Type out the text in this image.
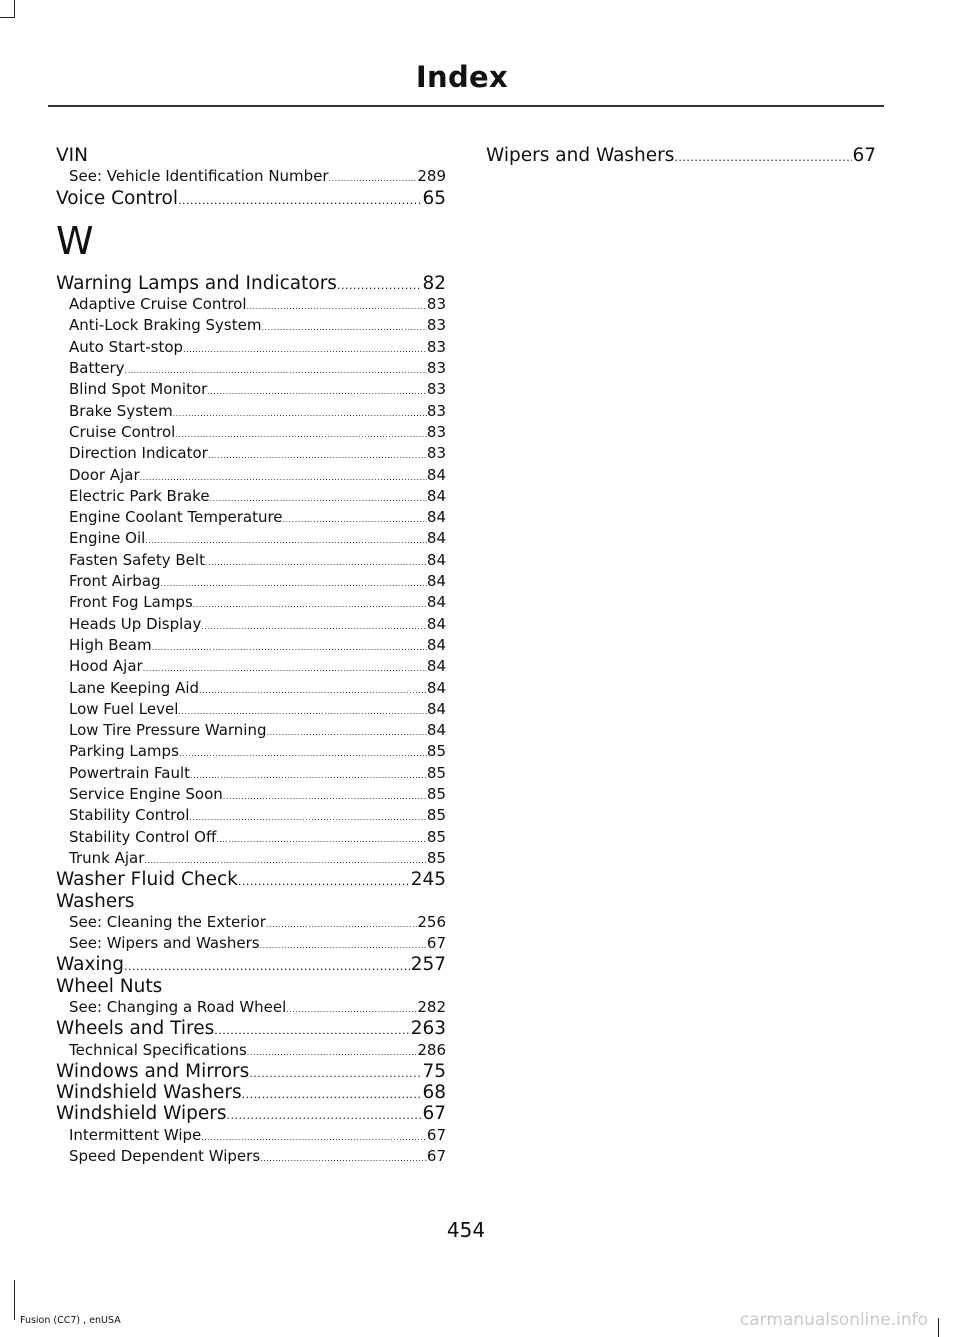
Index
VIN
See: Vehicle Identification Number .....	289
Voice Control .....	65
W
Warning Lamps and Indicators .....	82
Adaptive Cruise Control .....	83
Anti-Lock Braking System .....	83
Auto Start-stop .....	83
Battery .....	83
Blind Spot Monitor .....	83
Brake System .....	83
Cruise Control .....	83
Direction Indicator .....	83
Door Ajar .....	84
Electric Park Brake .....	84
Engine Coolant Temperature .....	84
Engine Oil .....	84
Fasten Safety Belt .....	84
Front Airbag .....	84
Front Fog Lamps .....	84
Heads Up Display .....	84
High Beam .....	84
Hood Ajar .....	84
Lane Keeping Aid .....	84
Low Fuel Level .....	84
Low Tire Pressure Warning .....	84
Parking Lamps .....	85
Powertrain Fault .....	85
Service Engine Soon .....	85
Stability Control .....	85
Stability Control Off .....	85
Trunk Ajar .....	85
Washer Fluid Check .....	245
Washers
See: Cleaning the Exterior .....	256
See: Wipers and Washers .....	67
Waxing .....	257
Wheel Nuts
See: Changing a Road Wheel .....	282
Wheels and Tires .....	263
Technical Specifications .....	286
Windows and Mirrors .....	75
Windshield Washers .....	68
Windshield Wipers .....	67
Intermittent Wipe .....	67
Speed Dependent Wipers .....	67
Wipers and Washers .....	67
454
Fusion (CC7) , enUSA	carmanualsonline.info
